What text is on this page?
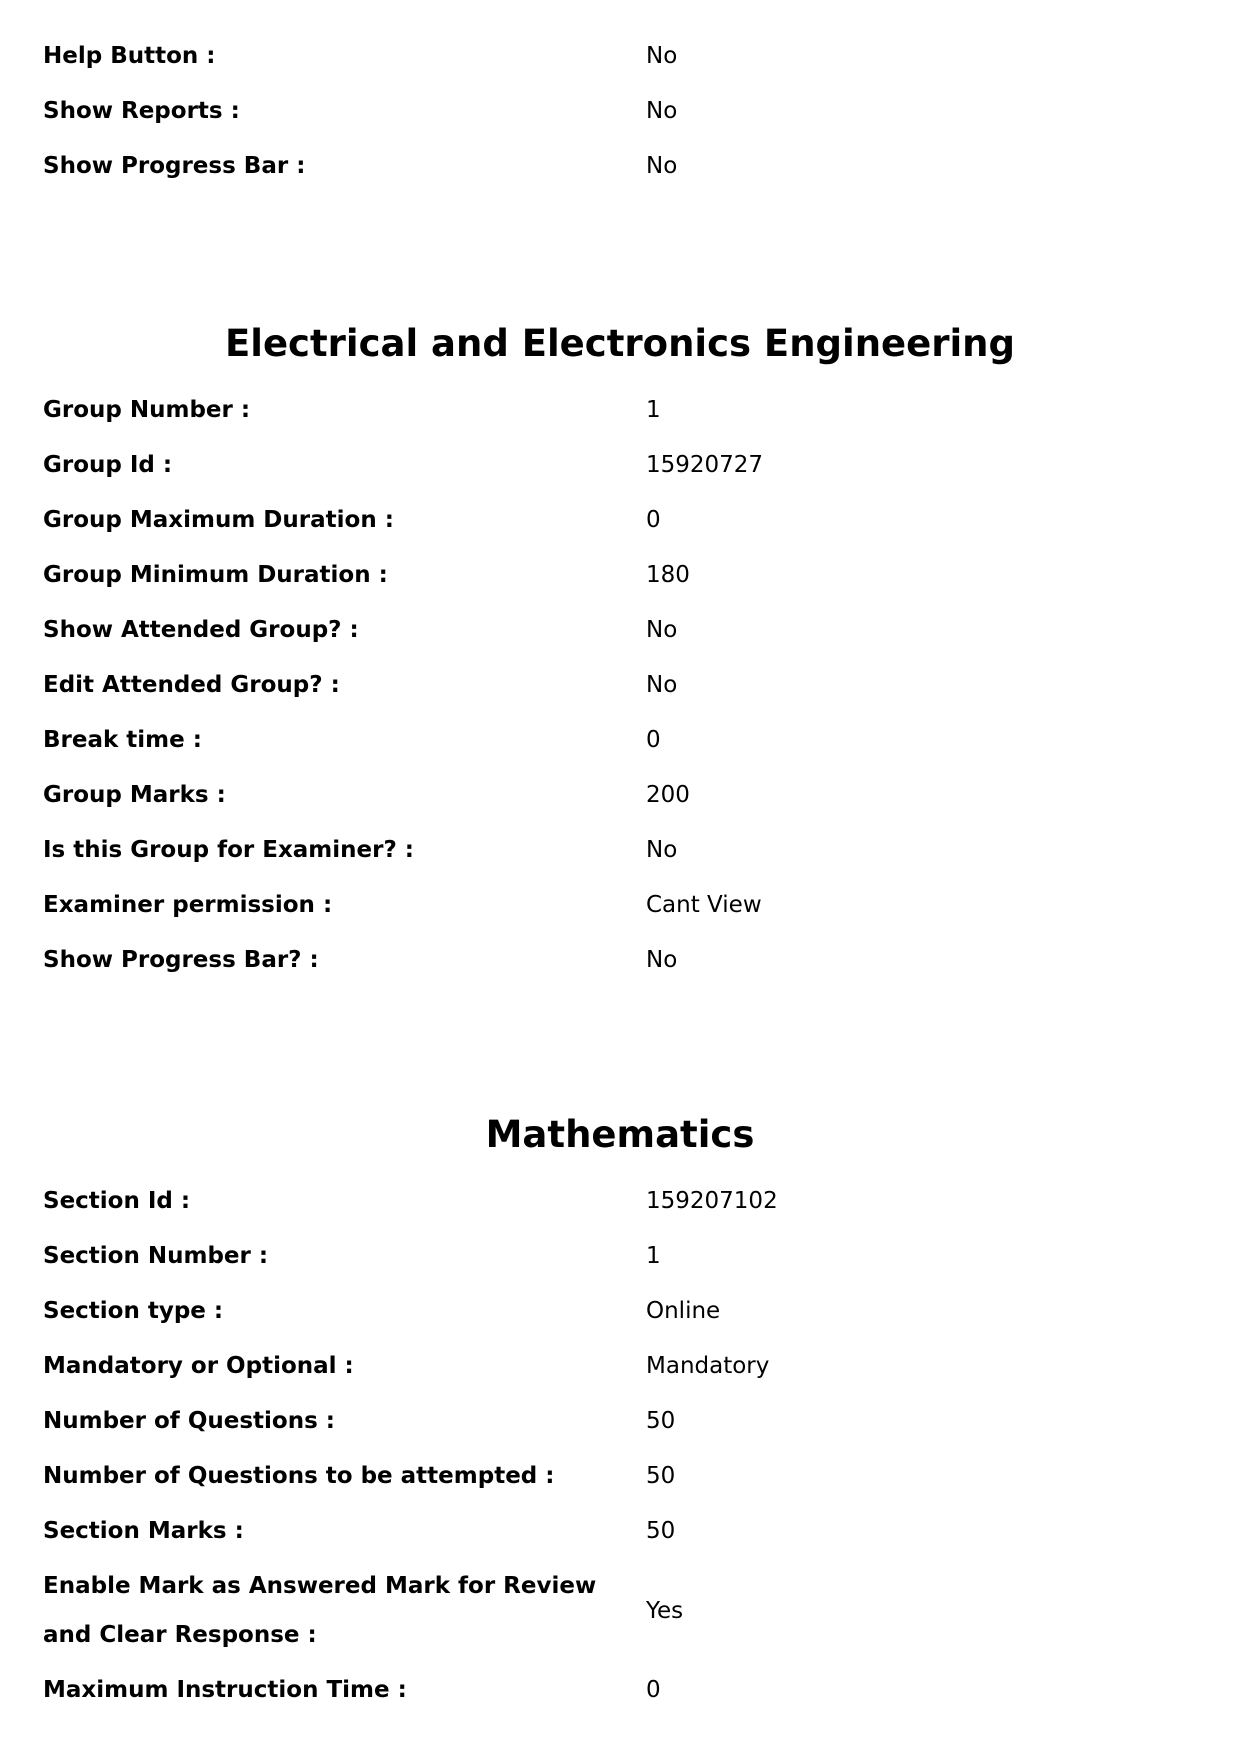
Help Button :	No
Show Reports :	No
Show Progress Bar :	No
Electrical and Electronics Engineering
Group Number :	1
Group Id :	15920727
Group Maximum Duration :	0
Group Minimum Duration :	180
Show Attended Group? :	No
Edit Attended Group? :	No
Break time :	0
Group Marks :	200
Is this Group for Examiner? :	No
Examiner permission :	Cant View
Show Progress Bar? :	No
Mathematics
Section Id :	159207102
Section Number :	1
Section type :	Online
Mandatory or Optional :	Mandatory
Number of Questions :	50
Number of Questions to be attempted :	50
Section Marks :	50
Enable Mark as Answered Mark for Review and Clear Response :
Yes
Maximum Instruction Time :	0
